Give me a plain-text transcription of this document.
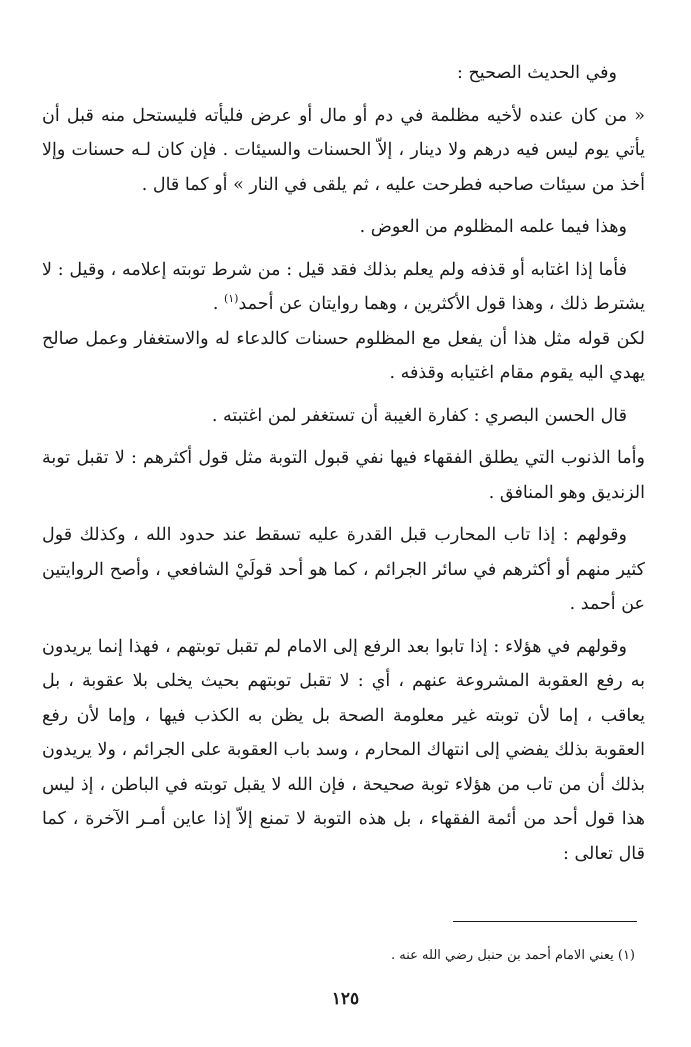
وفي الحديث الصحيح :

« من كان عنده لأخيه مظلمة في دم أو مال أو عرض فليأته فليستحل منه قبل أن يأتي يوم ليس فيه درهم ولا دينار ، إلاّ الحسنات والسيئات . فإن كان لـه حسنات وإلا أخذ من سيئات صاحبه فطرحت عليه ، ثم يلقى في النار » أو كما قال .

وهذا فيما علمه المظلوم من العوض .

فأما إذا اغتابه أو قذفه ولم يعلم بذلك فقد قيل : من شرط توبته إعلامه ، وقيل : لا يشترط ذلك ، وهذا قول الأكثرين ، وهما روايتان عن أحمد$^{(١)}$ .

لكن قوله مثل هذا أن يفعل مع المظلوم حسنات كالدعاء له والاستغفار وعمل صالح يهدي اليه يقوم مقام اغتيابه وقذفه .

قال الحسن البصري : كفارة الغيبة أن تستغفر لمن اغتبته .

وأما الذنوب التي يطلق الفقهاء فيها نفي قبول التوبة مثل قول أكثرهم : لا تقبل توبة الزنديق وهو المنافق .

وقولهم : إذا تاب المحارب قبل القدرة عليه تسقط عند حدود الله ، وكذلك قول كثير منهم أو أكثرهم في سائر الجرائم ، كما هو أحد قولَيْ الشافعي ، وأصح الروايتين عن أحمد .

وقولهم في هؤلاء : إذا تابوا بعد الرفع إلى الامام لم تقبل توبتهم ، فهذا إنما يريدون به رفع العقوبة المشروعة عنهم ، أي : لا تقبل توبتهم بحيث يخلى بلا عقوبة ، بل يعاقب ، إما لأن توبته غير معلومة الصحة بل يظن به الكذب فيها ، وإما لأن رفع العقوبة بذلك يفضي إلى انتهاك المحارم ، وسد باب العقوبة على الجرائم ، ولا يريدون بذلك أن من تاب من هؤلاء توبة صحيحة ، فإن الله لا يقبل توبته في الباطن ، إذ ليس هذا قول أحد من أئمة الفقهاء ، بل هذه التوبة لا تمنع إلاّ إذا عاين أمـر الآخرة ، كما قال تعالى :

(١) يعني الامام أحمد بن حنبل رضي الله عنه .
١٢٥
